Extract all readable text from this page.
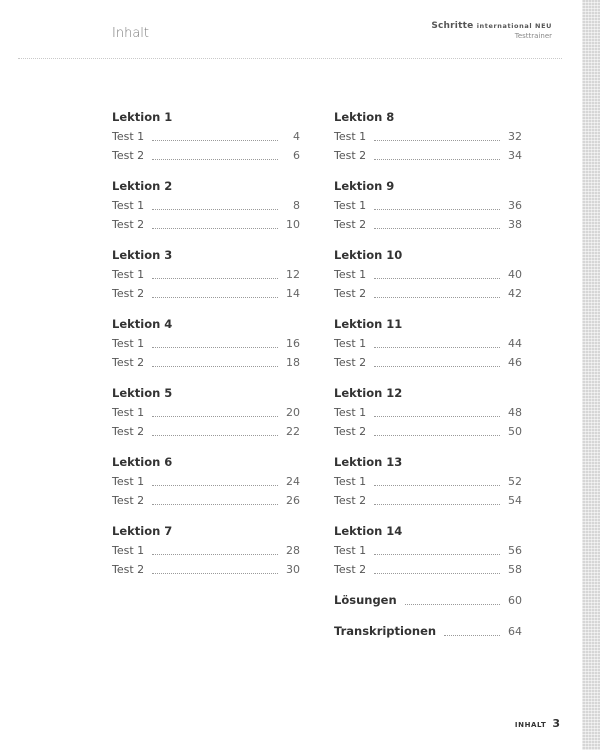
Inhalt	Schritte international NEU
Testtrainer
Lektion 1
Test 1	4
Test 2	6
Lektion 2
Test 1	8
Test 2	10
Lektion 3
Test 1	12
Test 2	14
Lektion 4
Test 1	16
Test 2	18
Lektion 5
Test 1	20
Test 2	22
Lektion 6
Test 1	24
Test 2	26
Lektion 7
Test 1	28
Test 2	30
Lektion 8
Test 1	32
Test 2	34
Lektion 9
Test 1	36
Test 2	38
Lektion 10
Test 1	40
Test 2	42
Lektion 11
Test 1	44
Test 2	46
Lektion 12
Test 1	48
Test 2	50
Lektion 13
Test 1	52
Test 2	54
Lektion 14
Test 1	56
Test 2	58
Lösungen	60
Transkriptionen	64
INHALT 3
